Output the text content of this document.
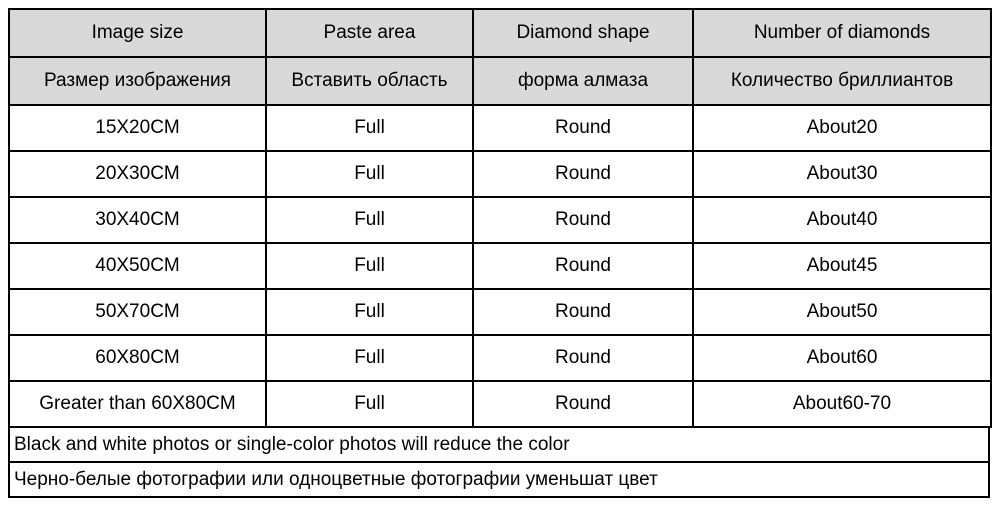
Image size	Paste area	Diamond shape	Number of diamonds
Размер изображения	Вставить область	форма алмаза	Количество бриллиантов
15X20CM	Full	Round	About20
20X30CM	Full	Round	About30
30X40CM	Full	Round	About40
40X50CM	Full	Round	About45
50X70CM	Full	Round	About50
60X80CM	Full	Round	About60
Greater than 60X80CM	Full	Round	About60-70
Black and white photos or single-color photos will reduce the color
Черно-белые фотографии или одноцветные фотографии уменьшат цвет
